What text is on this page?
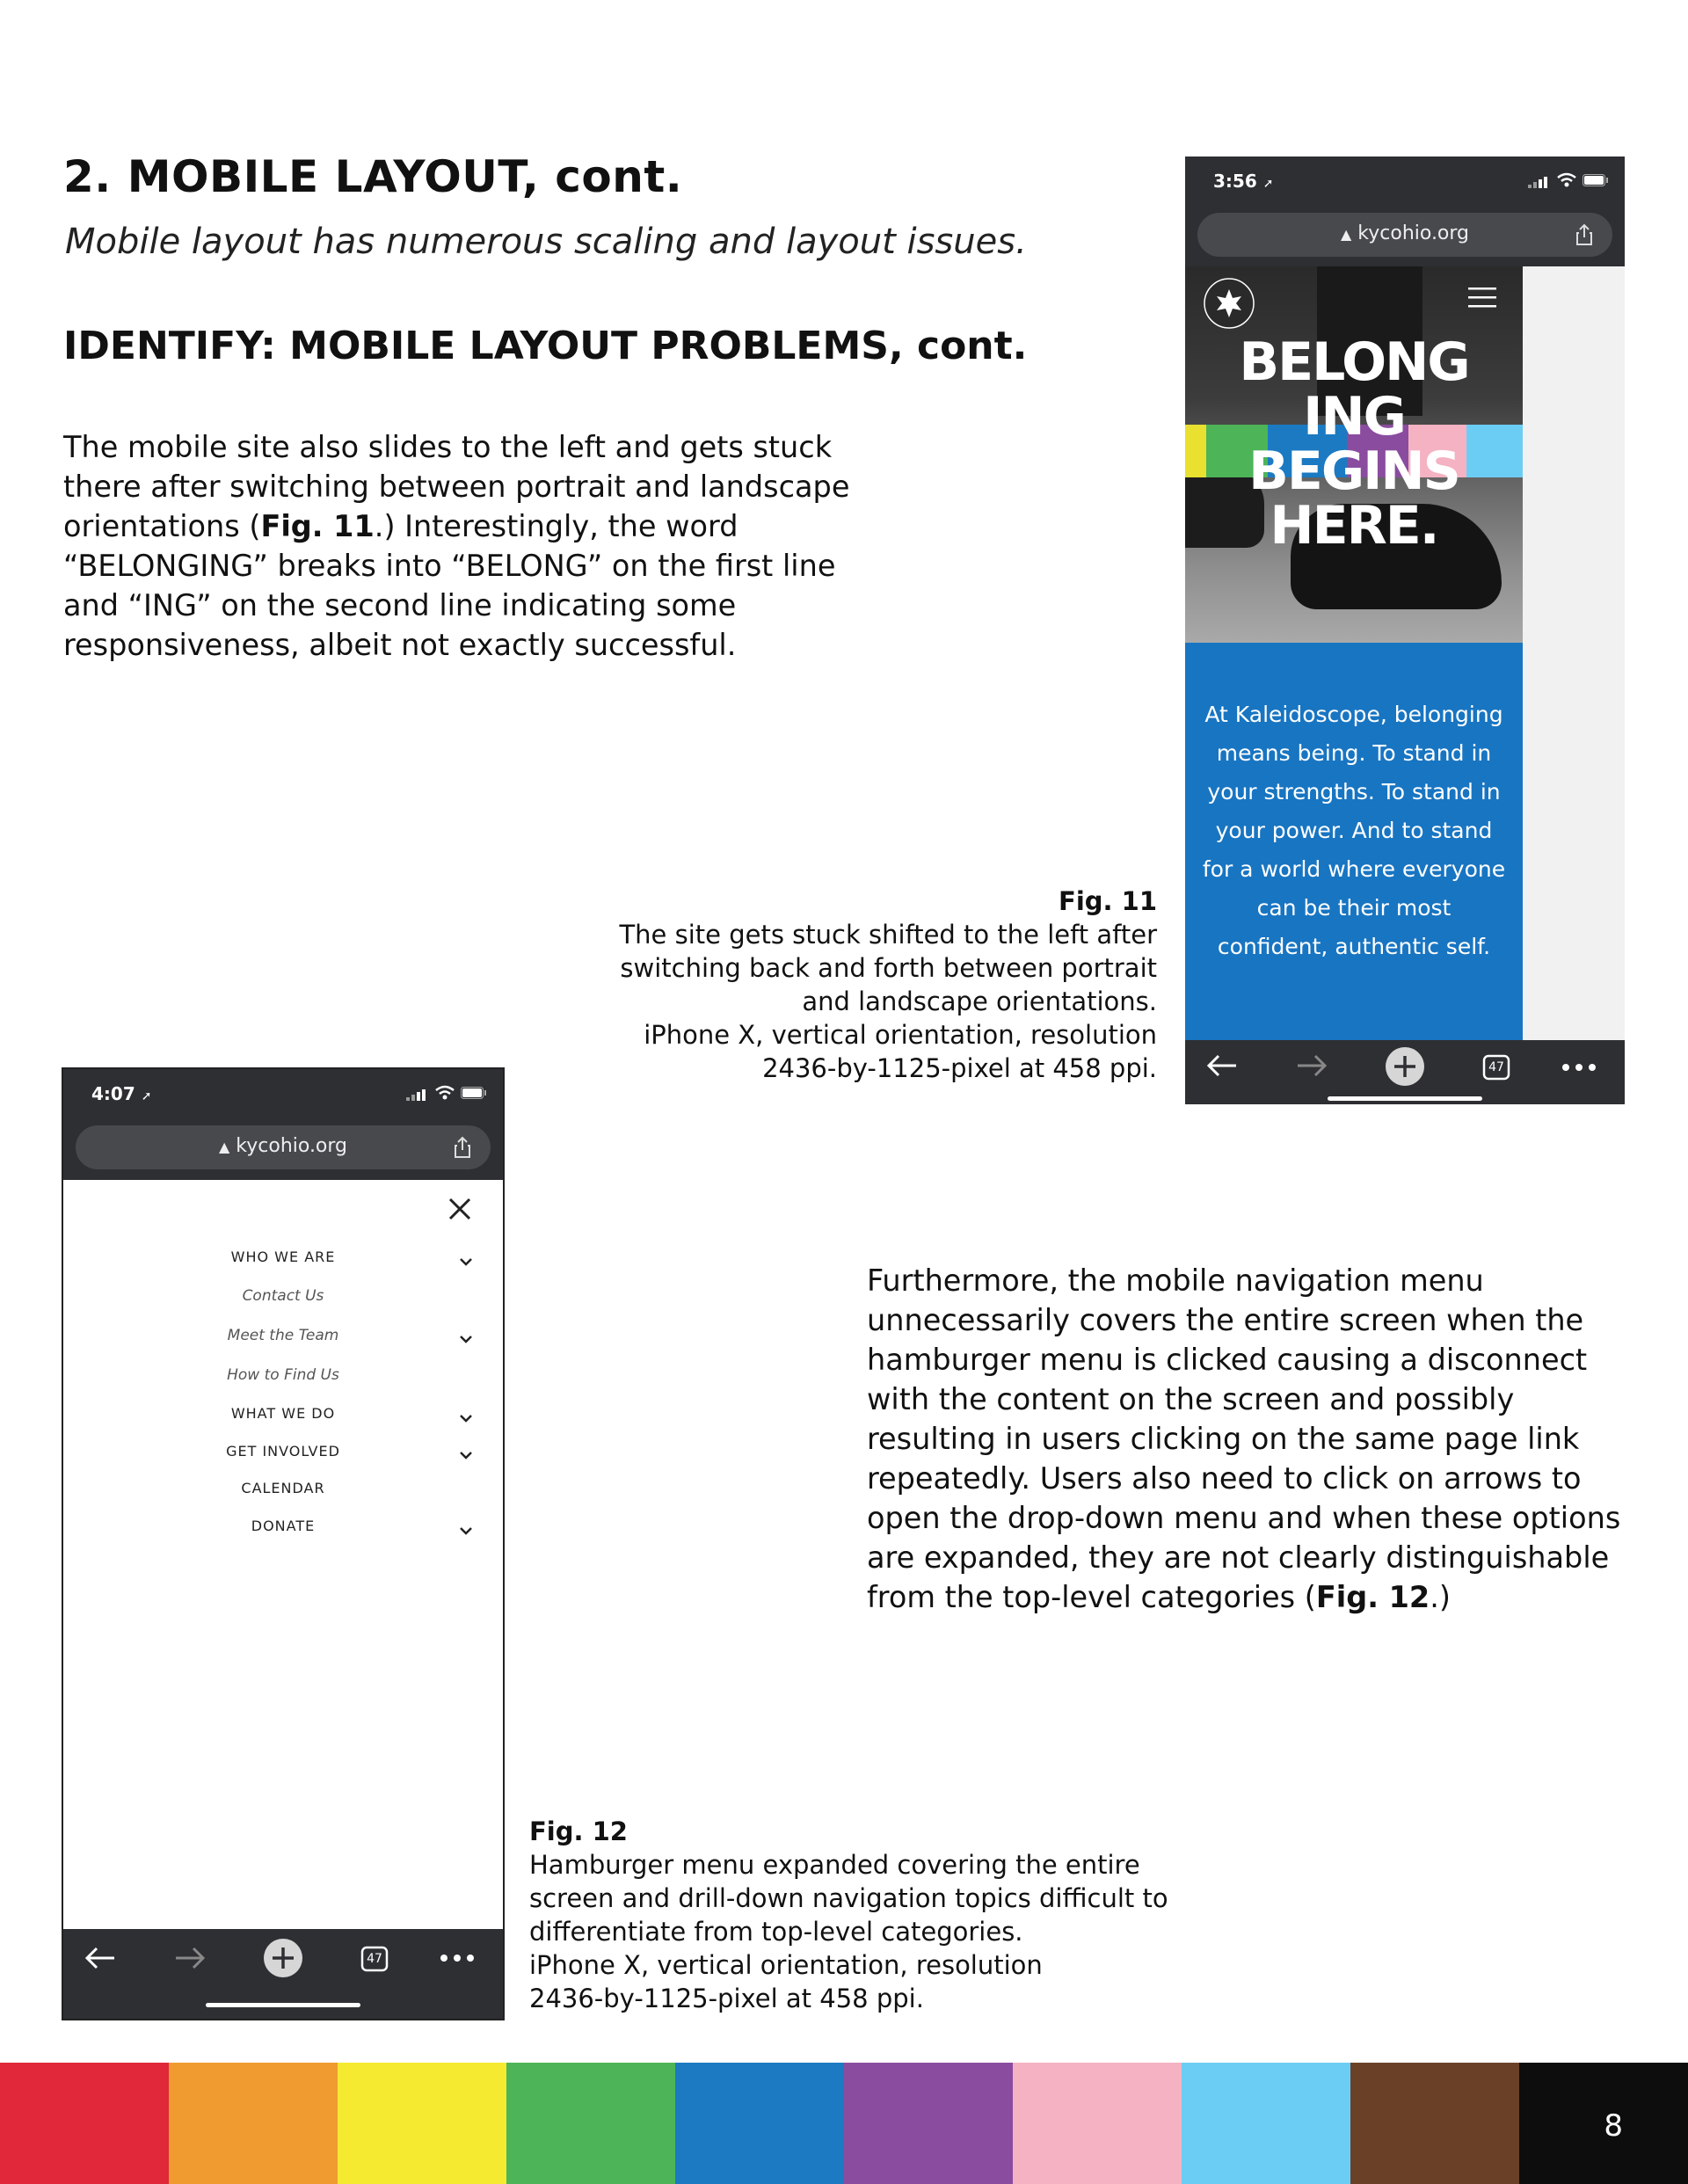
2. MOBILE LAYOUT, cont.
Mobile layout has numerous scaling and layout issues.
IDENTIFY: MOBILE LAYOUT PROBLEMS, cont.
The mobile site also slides to the left and gets stuck there after switching between portrait and landscape orientations (Fig. 11.) Interestingly, the word “BELONGING” breaks into “BELONG” on the first line and “ING” on the second line indicating some responsiveness, albeit not exactly successful.
Furthermore, the mobile navigation menu unnecessarily covers the entire screen when the hamburger menu is clicked causing a disconnect with the content on the screen and possibly resulting in users clicking on the same page link repeatedly. Users also need to click on arrows to open the drop-down menu and when these options are expanded, they are not clearly distinguishable from the top-level categories (Fig. 12.)
Fig. 11
The site gets stuck shifted to the left after
switching back and forth between portrait
and landscape orientations.
iPhone X, vertical orientation, resolution
2436-by-1125-pixel at 458 ppi.
Fig. 12
Hamburger menu expanded covering the entire
screen and drill-down navigation topics difficult to
differentiate from top-level categories.
iPhone X, vertical orientation, resolution
2436-by-1125-pixel at 458 ppi.
3:56 ➚
▲ kycohio.org
BELONG
ING
BEGINS
HERE.
At Kaleidoscope, belonging means being. To stand in your strengths. To stand in your power. And to stand for a world where everyone can be their most confident, authentic self.
47
4:07 ➚
▲ kycohio.org
WHO WE ARE
Contact Us
Meet the Team
How to Find Us
WHAT WE DO
GET INVOLVED
CALENDAR
DONATE
47
8
